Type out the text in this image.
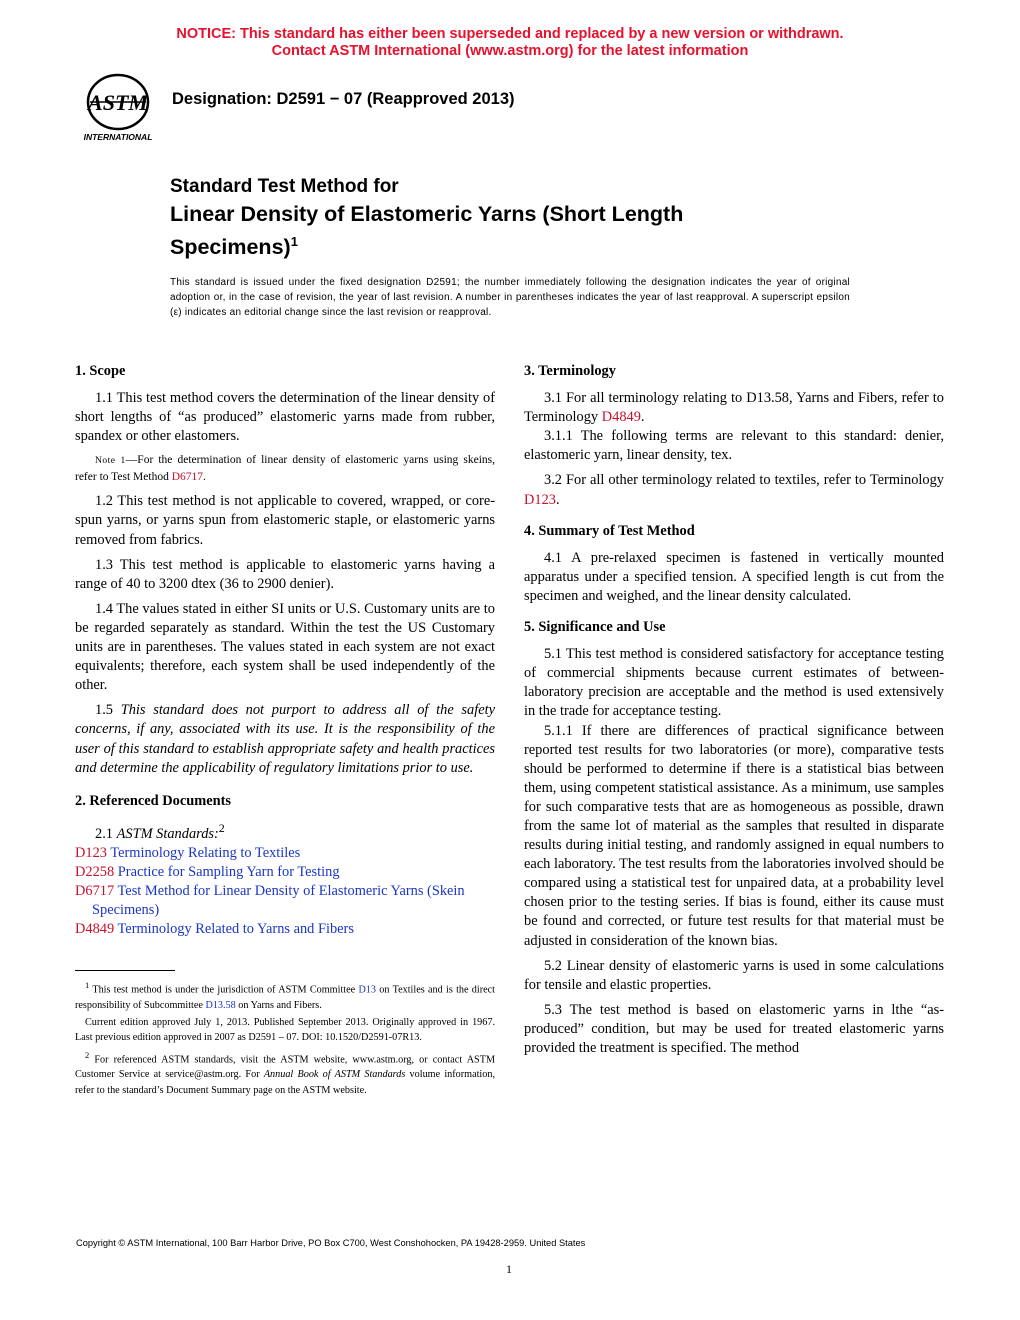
NOTICE: This standard has either been superseded and replaced by a new version or withdrawn.
Contact ASTM International (www.astm.org) for the latest information
ASTM
INTERNATIONAL
Designation: D2591 − 07 (Reapproved 2013)
Standard Test Method for
Linear Density of Elastomeric Yarns (Short Length
Specimens)$^1$
This standard is issued under the fixed designation D2591; the number immediately following the designation indicates the year of original adoption or, in the case of revision, the year of last revision. A number in parentheses indicates the year of last reapproval. A superscript epsilon (ε) indicates an editorial change since the last revision or reapproval.
1. Scope
1.1 This test method covers the determination of the linear density of short lengths of “as produced” elastomeric yarns made from rubber, spandex or other elastomers.
Note 1—For the determination of linear density of elastomeric yarns using skeins, refer to Test Method D6717.
1.2 This test method is not applicable to covered, wrapped, or core-spun yarns, or yarns spun from elastomeric staple, or elastomeric yarns removed from fabrics.
1.3 This test method is applicable to elastomeric yarns having a range of 40 to 3200 dtex (36 to 2900 denier).
1.4 The values stated in either SI units or U.S. Customary units are to be regarded separately as standard. Within the test the US Customary units are in parentheses. The values stated in each system are not exact equivalents; therefore, each system shall be used independently of the other.
1.5 This standard does not purport to address all of the safety concerns, if any, associated with its use. It is the responsibility of the user of this standard to establish appropriate safety and health practices and determine the applicability of regulatory limitations prior to use.
2. Referenced Documents
2.1 ASTM Standards:$^2$
D123 Terminology Relating to Textiles
D2258 Practice for Sampling Yarn for Testing
D6717 Test Method for Linear Density of Elastomeric Yarns (Skein Specimens)
D4849 Terminology Related to Yarns and Fibers
3. Terminology
3.1 For all terminology relating to D13.58, Yarns and Fibers, refer to Terminology D4849.
3.1.1 The following terms are relevant to this standard: denier, elastomeric yarn, linear density, tex.
3.2 For all other terminology related to textiles, refer to Terminology D123.
4. Summary of Test Method
4.1 A pre-relaxed specimen is fastened in vertically mounted apparatus under a specified tension. A specified length is cut from the specimen and weighed, and the linear density calculated.
5. Significance and Use
5.1 This test method is considered satisfactory for acceptance testing of commercial shipments because current estimates of between-laboratory precision are acceptable and the method is used extensively in the trade for acceptance testing.
5.1.1 If there are differences of practical significance between reported test results for two laboratories (or more), comparative tests should be performed to determine if there is a statistical bias between them, using competent statistical assistance. As a minimum, use samples for such comparative tests that are as homogeneous as possible, drawn from the same lot of material as the samples that resulted in disparate results during initial testing, and randomly assigned in equal numbers to each laboratory. The test results from the laboratories involved should be compared using a statistical test for unpaired data, at a probability level chosen prior to the testing series. If bias is found, either its cause must be found and corrected, or future test results for that material must be adjusted in consideration of the known bias.
5.2 Linear density of elastomeric yarns is used in some calculations for tensile and elastic properties.
5.3 The test method is based on elastomeric yarns in lthe “as-produced” condition, but may be used for treated elastomeric yarns provided the treatment is specified. The method

$^1$ This test method is under the jurisdiction of ASTM Committee D13 on Textiles and is the direct responsibility of Subcommittee D13.58 on Yarns and Fibers.

Current edition approved July 1, 2013. Published September 2013. Originally approved in 1967. Last previous edition approved in 2007 as D2591 – 07. DOI: 10.1520/D2591-07R13.

$^2$ For referenced ASTM standards, visit the ASTM website, www.astm.org, or contact ASTM Customer Service at service@astm.org. For Annual Book of ASTM Standards volume information, refer to the standard’s Document Summary page on the ASTM website.

Copyright © ASTM International, 100 Barr Harbor Drive, PO Box C700, West Conshohocken, PA 19428-2959. United States
1
